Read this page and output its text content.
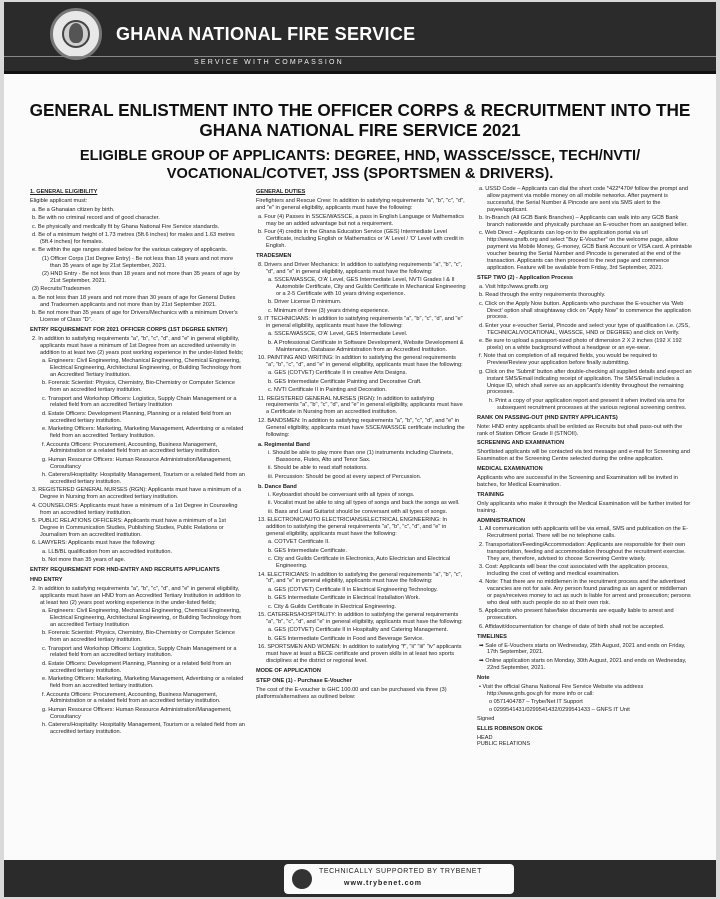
GHANA NATIONAL FIRE SERVICE
SERVICE WITH COMPASSION
GENERAL ENLISTMENT INTO THE OFFICER CORPS & RECRUITMENT INTO THE
GHANA NATIONAL FIRE SERVICE 2021
ELIGIBLE GROUP OF APPLICANTS: DEGREE, HND, WASSCE/SSCE, TECH/NVTI/
VOCATIONAL/COTVET, JSS (SPORTSMEN & DRIVERS).

1. GENERAL ELIGIBILITY

Eligible applicant must:

a. Be a Ghanaian citizen by birth.

b. Be with no criminal record and of good character.

c. Be physically and medically fit by Ghana National Fire Service standards.

d. Be of a minimum height of 1.73 metres (5ft.6 inches) for males and 1.63 metres (5ft.4 inches) for females.

e. Be within the age ranges stated below for the various category of applicants.

(1) Officer Corps (1st Degree Entry) - Be not less than 18 years and not more than 35 years of age by 21st September, 2021.

(2) HND Entry - Be not less than 18 years and not more than 35 years of age by 21st September, 2021.

(3) Recruits/Tradesmen

a. Be not less than 18 years and not more than 30 years of age for General Duties and Tradesmen applicants and not more than by 21st September 2021.

b. Be not more than 35 years of age for Drivers/Mechanics with a minimum Driver's License of Class "D".

ENTRY REQUIREMENT FOR 2021 OFFICER CORPS (1ST DEGREE ENTRY)

2. In addition to satisfying requirements "a", "b", "c", "d", and "e" in general eligibility, applicants must have a minimum of 1st Degree from an accredited university in addition to at least two (2) years post working experience in the under-listed fields;

a. Engineers: Civil Engineering, Mechanical Engineering, Chemical Engineering, Electrical Engineering, Architectural Engineering, or Building Technology from an Accredited Tertiary Institution.

b. Forensic Scientist: Physics, Chemistry, Bio-Chemistry or Computer Science from an accredited tertiary institution.

c. Transport and Workshop Officers: Logistics, Supply Chain Management or a related field from an accredited Tertiary Institution

d. Estate Officers: Development Planning, Planning or a related field from an accredited tertiary institution.

e. Marketing Officers: Marketing, Marketing Management, Advertising or a related field from an accredited Tertiary Institution.

f. Accounts Officers: Procurement, Accounting, Business Management, Administration or a related field from an accredited tertiary institution.

g. Human Resource Officers: Human Resource Administration/Management, Consultancy

h. Caterers/Hospitality: Hospitality Management, Tourism or a related field from an accredited tertiary institution.

3. REGISTERED GENERAL NURSES (RGN): Applicants must have a minimum of a Degree in Nursing from an accredited tertiary institution.

4. COUNSELORS: Applicants must have a minimum of a 1st Degree in Counseling from an accredited tertiary institution.

5. PUBLIC RELATIONS OFFICERS: Applicants must have a minimum of a 1st Degree in Communication Studies, Publishing Studies, Public Relations or Journalism from an accredited institution.

6. LAWYERS: Applicants must have the following:

a. LLB/BL qualification from an accredited institution.

b. Not more than 35 years of age.

ENTRY REQUIREMENT FOR HND-ENTRY AND RECRUITS APPLICANTS

HND ENTRY

2. In addition to satisfying requirements "a", "b", "c", "d", and "e" in general eligibility, applicants must have an HND from an Accredited Tertiary Institution in addition to at least two (2) years post working experience in the under-listed fields;

a. Engineers: Civil Engineering, Mechanical Engineering, Chemical Engineering, Electrical Engineering, Architectural Engineering, or Building Technology from an accredited Tertiary Institution

b. Forensic Scientist: Physics, Chemistry, Bio-Chemistry or Computer Science from an accredited tertiary institution.

c. Transport and Workshop Officers: Logistics, Supply Chain Management or a related field from an accredited tertiary institution.

d. Estate Officers: Development Planning, Planning or a related field from an accredited tertiary institution.

e. Marketing Officers: Marketing, Marketing Management, Advertising or a related field from an accredited tertiary institution.

f. Accounts Officers: Procurement, Accounting, Business Management, Administration or a related field from an accredited tertiary institution.

g. Human Resource Officers: Human Resource Administration/Management, Consultancy

h. Caterers/Hospitality: Hospitality Management, Tourism or a related field from an accredited tertiary institution.

GENERAL DUTIES

Firefighters and Rescue Crew: In addition to satisfying requirements "a", "b", "c", "d", and "e" in general eligibility, applicants must have the following:

a. Four (4) Passes in SSCE/WASSCE, a pass in English Language or Mathematics may be an added advantage but not a requirement.

b. Four (4) credits in the Ghana Education Service (GES) Intermediate Level Certificate, including English or Mathematics or 'A' Level / 'O' Level with credit in English.

TRADESMEN

8. Drivers and Driver Mechanics: In addition to satisfying requirements "a", "b", "c", "d", and "e" in general eligibility, applicants must have the following:

a. SSCE/WASSCE, O'A' Level, GES Intermediate Level, NVTI Grades I & II Automobile Certificate, City and Guilds Certificate in Mechanical Engineering or a 2-5 Certificate with 10 years driving experience.

b. Driver License D minimum.

c. Minimum of three (3) years driving experience.

9. IT TECHNICIANS: In addition to satisfying requirements "a", "b", "c", "d", and "e" in general eligibility, applicants must have the following:

a. SSCE/WASSCE, O'A' Level, GES Intermediate Level.

b. A Professional Certificate in Software Development, Website Development & Maintenance, Database Administration from an Accredited Institution.

10. PAINTING AND WRITING: In addition to satisfying the general requirements "a", "b", "c", "d", and "e" in general eligibility, applicants must have the following:

a. GES (COTVET) Certificate II in creative Arts Designs.

b. GES Intermediate Certificate Painting and Decorative Craft.

c. NVTI Certificate II in Painting and Decoration.

11. REGISTERED GENERAL NURSES (RGN): In addition to satisfying requirements "a", "b", "c", "d", and "e" in general eligibility, applicants must have a Certificate in Nursing from an accredited institution.

12. BANDSMEN: In addition to satisfying requirements "a", "b", "c", "d", and "e" in General eligibility, applicants must have SSCE/WASSCE certificate including the following:

a. Regimental Band

i. Should be able to play more than one (1) instruments including Clarinets, Bassoons, Flutes, Alto and Tenor Sax.

ii. Should be able to read staff notations.

iii. Percussion: Should be good at every aspect of Percussion.

b. Dance Band

i. Keyboardist should be conversant with all types of songs.

ii. Vocalist must be able to sing all types of songs and back the songs as well.

iii. Bass and Lead Guitarist should be conversant with all types of songs.

13. ELECTRONIC/AUTO ELECTRICIANS/ELECTRICAL ENGINEERING: In addition to satisfying the general requirements "a", "b", "c", "d", and "e" in general eligibility, applicants must have the following:

a. COTVET Certificate II.

b. GES Intermediate Certificate.

c. City and Guilds Certificate in Electronics, Auto Electrician and Electrical Engineering.

14. ELECTRICIANS: In addition to satisfying the general requirements "a", "b", "c", "d", and "e" in general eligibility, applicants must have the following:

a. GES (COTVET) Certificate II in Electrical Engineering Technology.

b. GES Intermediate Certificate in Electrical Installation Work.

c. City & Guilds Certificate in Electrical Engineering.

15. CATERERS/HOSPITALITY: In addition to satisfying the general requirements "a", "b", "c", "d", and "e" in general eligibility, applicants must have the following:

a. GES (COTVET) Certificate II in Hospitality and Catering Management.

b. GES Intermediate Certificate in Food and Beverage Service.

16. SPORTSMEN AND WOMEN: In addition to satisfying "f", "ii" "iii" "iv" applicants must have at least a BECE certificate and proven skills in at least two sports disciplines at the district or regional level.

MODE OF APPLICATION

STEP ONE (1) - Purchase E-Voucher

The cost of the E-voucher is GHC 100.00 and can be purchased via three (3) platforms/alternatives as outlined below:

a. USSD Code – Applicants can dial the short code *422*470# follow the prompt and allow payment via mobile money on all mobile networks. After payment is successful, the Serial Number & Pincode are sent via SMS alert to the payee/applicant.

b. In-Branch (All GCB Bank Branches) – Applicants can walk into any GCB Bank branch nationwide and physically purchase an E-voucher from an assigned teller.

c. Web Direct – Applicants can log-on to the application portal via url http://www.gnsfb.org and select "Buy E-Voucher" on the welcome page, allow payment via Mobile Money, G-money, GCB Bank Account or VISA card. A printable voucher bearing the Serial Number and Pincode is generated at the end of the transaction. Applicants can then proceed to the next page and commence application. Feature will be available from Friday, 3rd September, 2021.

STEP TWO (2) - Application Process

a. Visit http://www.gnsfb.org

b. Read through the entry requirements thoroughly.

c. Click on the Apply Now button. Applicants who purchase the E-voucher via 'Web Direct' option shall straightaway click on "Apply Now" to commence the application process.

d. Enter your e-voucher Serial, Pincode and select your type of qualification i.e. (JSS, TECHNICAL/VOCATIONAL, WASSCE, HND or DEGREE) and click on Verify.

e. Be sure to upload a passport-sized photo of dimension 2 X 2 inches (192 X 192 pixels) on a white background without a headgear or an eye-wear.

f. Note that on completion of all required fields, you would be required to Preview/Review your application before finally submitting.

g. Click on the 'Submit' button after double-checking all supplied details and expect an instant SMS/Email indicating receipt of application. The SMS/Email includes a Unique ID, which shall serve as an applicant's identity throughout the remaining processes.

h. Print a copy of your application report and present it when invited via sms for subsequent recruitment processes at the various regional screening centres.

RANK ON PASSING-OUT (HND ENTRY APPLICANTS)

Note: HND entry applicants shall be enlisted as Recruits but shall pass-out with the rank of Station Officer Grade II (STNOII).

SCREENING AND EXAMINATION

Shortlisted applicants will be contacted via text message and e-mail for Screening and Examination at the Screening Centre selected during the online application.

MEDICAL EXAMINATION

Applicants who are successful in the Screening and Examination will be invited in batches, for Medical Examination.

TRAINING

Only applicants who make it through the Medical Examination will be further invited for training.

ADMINISTRATION

1. All communication with applicants will be via email, SMS and publication on the E-Recruitment portal. There will be no telephone calls.

2. Transportation/Feeding/Accommodation: Applicants are responsible for their own transportation, feeding and accommodation throughout the recruitment exercise. They are, therefore, advised to choose Screening Centre wisely.

3. Cost: Applicants will bear the cost associated with the application process, including the cost of vetting and medical examination.

4. Note: That there are no middlemen in the recruitment process and the advertised vacancies are not for sale. Any person found parading as an agent or middleman or pays/receives money to act as such is liable for arrest and prosecution; persons who deal with such people do so at their own risk.

5. Applicants who present false/fake documents are equally liable to arrest and prosecution.

6. Affidavit/documentation for change of date of birth shall not be accepted.

TIMELINES

➡ Sale of E-Vouchers starts on Wednesday, 25th August, 2021 and ends on Friday, 17th September, 2021.

➡ Online application starts on Monday, 30th August, 2021 and ends on Wednesday, 22nd September, 2021.

Note

• Visit the official Ghana National Fire Service Website via address http://www.gnfs.gov.gh for more info or call:

o 0571404787 – Trybe/Net IT Support

o 0299541431/0299541432/0299541433 – GNFS IT Unit

Signed

ELLIS ROBINSON OKOE

HEAD

PUBLIC RELATIONS

TECHNICALLY SUPPORTED BY TRYBENET
www.trybenet.com
